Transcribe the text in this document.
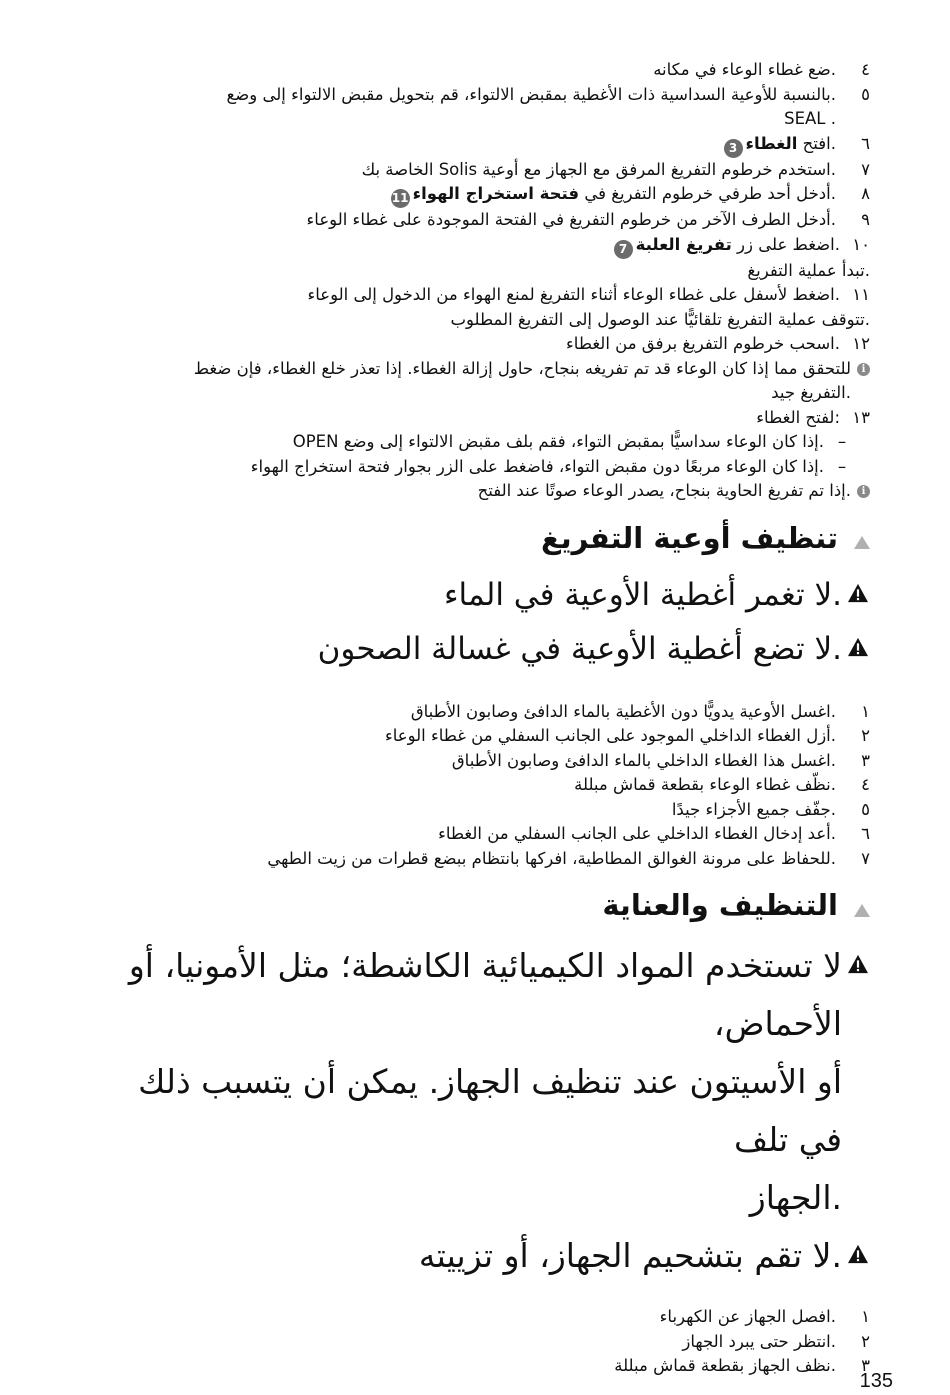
٤
.ضع غطاء الوعاء في مكانه
٥
.بالنسبة للأوعية السداسية ذات الأغطية بمقبض الالتواء، قم بتحويل مقبض الالتواء إلى وضع
. SEAL
٦
.افتح الغطاء3
٧
.استخدم خرطوم التفريغ المرفق مع الجهاز مع أوعية Solis الخاصة بك
٨
.أدخل أحد طرفي خرطوم التفريغ في فتحة استخراج الهواء11
٩
.أدخل الطرف الآخر من خرطوم التفريغ في الفتحة الموجودة على غطاء الوعاء
١٠
.اضغط على زر تفريغ العلبة7
.تبدأ عملية التفريغ
١١
.اضغط لأسفل على غطاء الوعاء أثناء التفريغ لمنع الهواء من الدخول إلى الوعاء
.تتوقف عملية التفريغ تلقائيًّا عند الوصول إلى التفريغ المطلوب
١٢
.اسحب خرطوم التفريغ برفق من الغطاء
i
للتحقق مما إذا كان الوعاء قد تم تفريغه بنجاح، حاول إزالة الغطاء. إذا تعذر خلع الغطاء، فإن ضغط
.التفريغ جيد
١٣
:لفتح الغطاء
–
.إذا كان الوعاء سداسيًّا بمقبض التواء، فقم بلف مقبض الالتواء إلى وضع OPEN
–
.إذا كان الوعاء مربعًا دون مقبض التواء، فاضغط على الزر بجوار فتحة استخراج الهواء
i
.إذا تم تفريغ الحاوية بنجاح، يصدر الوعاء صوتًا عند الفتح
تنظيف أوعية التفريغ
.لا تغمر أغطية الأوعية في الماء
.لا تضع أغطية الأوعية في غسالة الصحون
١
.اغسل الأوعية يدويًّا دون الأغطية بالماء الدافئ وصابون الأطباق
٢
.أزل الغطاء الداخلي الموجود على الجانب السفلي من غطاء الوعاء
٣
.اغسل هذا الغطاء الداخلي بالماء الدافئ وصابون الأطباق
٤
.نظّف غطاء الوعاء بقطعة قماش مبللة
٥
.جفّف جميع الأجزاء جيدًا
٦
.أعد إدخال الغطاء الداخلي على الجانب السفلي من الغطاء
٧
.للحفاظ على مرونة الغوالق المطاطية، افركها بانتظام ببضع قطرات من زيت الطهي
التنظيف والعناية
لا تستخدم المواد الكيميائية الكاشطة؛ مثل الأمونيا، أو الأحماض،
أو الأسيتون عند تنظيف الجهاز. يمكن أن يتسبب ذلك في تلف
.الجهاز
.لا تقم بتشحيم الجهاز، أو تزييته
١
.افصل الجهاز عن الكهرباء
٢
.انتظر حتى يبرد الجهاز
٣
.نظف الجهاز بقطعة قماش مبللة
135
